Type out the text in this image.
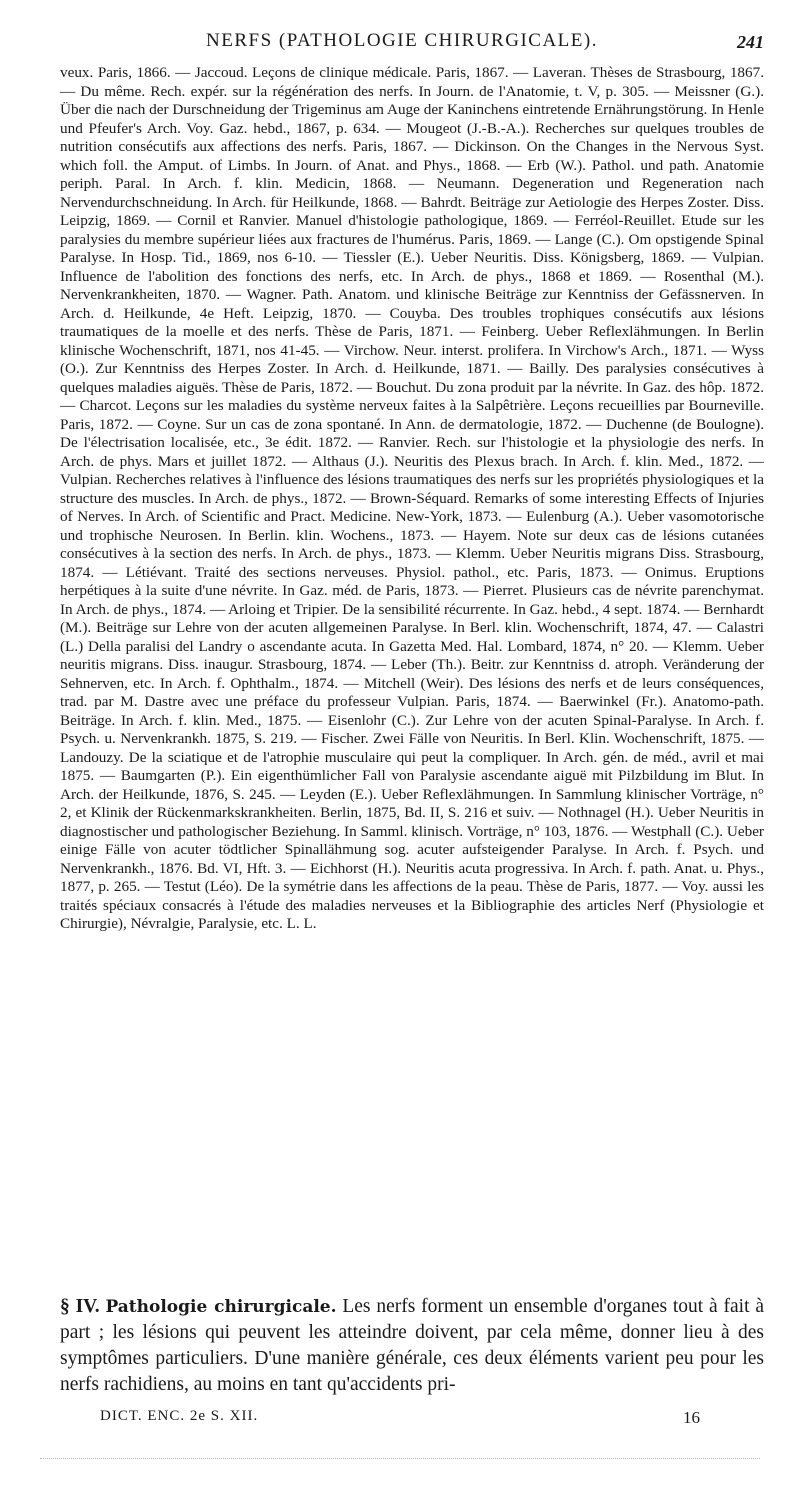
NERFS (PATHOLOGIE CHIRURGICALE).	241

veux. Paris, 1866. — Jaccoud. Leçons de clinique médicale. Paris, 1867. — Laveran. Thèses de Strasbourg, 1867. — Du même. Rech. expér. sur la régénération des nerfs. In Journ. de l'Anatomie, t. V, p. 305. — Meissner (G.). Über die nach der Durschneidung der Trigeminus am Auge der Kaninchens eintretende Ernährungstörung. In Henle und Pfeufer's Arch. Voy. Gaz. hebd., 1867, p. 634. — Mougeot (J.-B.-A.). Recherches sur quelques troubles de nutrition consécutifs aux affections des nerfs. Paris, 1867. — Dickinson. On the Changes in the Nervous Syst. which foll. the Amput. of Limbs. In Journ. of Anat. and Phys., 1868. — Erb (W.). Pathol. und path. Anatomie periph. Paral. In Arch. f. klin. Medicin, 1868. — Neumann. Degeneration und Regeneration nach Nervendurchschneidung. In Arch. für Heilkunde, 1868. — Bahrdt. Beiträge zur Aetiologie des Herpes Zoster. Diss. Leipzig, 1869. — Cornil et Ranvier. Manuel d'histologie pathologique, 1869. — Ferréol-Reuillet. Etude sur les paralysies du membre supérieur liées aux fractures de l'humérus. Paris, 1869. — Lange (C.). Om opstigende Spinal Paralyse. In Hosp. Tid., 1869, nos 6-10. — Tiessler (E.). Ueber Neuritis. Diss. Königsberg, 1869. — Vulpian. Influence de l'abolition des fonctions des nerfs, etc. In Arch. de phys., 1868 et 1869. — Rosenthal (M.). Nervenkrankheiten, 1870. — Wagner. Path. Anatom. und klinische Beiträge zur Kenntniss der Gefässnerven. In Arch. d. Heilkunde, 4e Heft. Leipzig, 1870. — Couyba. Des troubles trophiques consécutifs aux lésions traumatiques de la moelle et des nerfs. Thèse de Paris, 1871. — Feinberg. Ueber Reflexlähmungen. In Berlin klinische Wochenschrift, 1871, nos 41-45. — Virchow. Neur. interst. prolifera. In Virchow's Arch., 1871. — Wyss (O.). Zur Kenntniss des Herpes Zoster. In Arch. d. Heilkunde, 1871. — Bailly. Des paralysies consécutives à quelques maladies aiguës. Thèse de Paris, 1872. — Bouchut. Du zona produit par la névrite. In Gaz. des hôp. 1872. — Charcot. Leçons sur les maladies du système nerveux faites à la Salpêtrière. Leçons recueillies par Bourneville. Paris, 1872. — Coyne. Sur un cas de zona spontané. In Ann. de dermatologie, 1872. — Duchenne (de Boulogne). De l'électrisation localisée, etc., 3e édit. 1872. — Ranvier. Rech. sur l'histologie et la physiologie des nerfs. In Arch. de phys. Mars et juillet 1872. — Althaus (J.). Neuritis des Plexus brach. In Arch. f. klin. Med., 1872. — Vulpian. Recherches relatives à l'influence des lésions traumatiques des nerfs sur les propriétés physiologiques et la structure des muscles. In Arch. de phys., 1872. — Brown-Séquard. Remarks of some interesting Effects of Injuries of Nerves. In Arch. of Scientific and Pract. Medicine. New-York, 1873. — Eulenburg (A.). Ueber vasomotorische und trophische Neurosen. In Berlin. klin. Wochens., 1873. — Hayem. Note sur deux cas de lésions cutanées consécutives à la section des nerfs. In Arch. de phys., 1873. — Klemm. Ueber Neuritis migrans Diss. Strasbourg, 1874. — Létiévant. Traité des sections nerveuses. Physiol. pathol., etc. Paris, 1873. — Onimus. Eruptions herpétiques à la suite d'une névrite. In Gaz. méd. de Paris, 1873. — Pierret. Plusieurs cas de névrite parenchymat. In Arch. de phys., 1874. — Arloing et Tripier. De la sensibilité récurrente. In Gaz. hebd., 4 sept. 1874. — Bernhardt (M.). Beiträge sur Lehre von der acuten allgemeinen Paralyse. In Berl. klin. Wochenschrift, 1874, 47. — Calastri (L.) Della paralisi del Landry o ascendante acuta. In Gazetta Med. Hal. Lombard, 1874, n° 20. — Klemm. Ueber neuritis migrans. Diss. inaugur. Strasbourg, 1874. — Leber (Th.). Beitr. zur Kenntniss d. atroph. Veränderung der Sehnerven, etc. In Arch. f. Ophthalm., 1874. — Mitchell (Weir). Des lésions des nerfs et de leurs conséquences, trad. par M. Dastre avec une préface du professeur Vulpian. Paris, 1874. — Baerwinkel (Fr.). Anatomo-path. Beiträge. In Arch. f. klin. Med., 1875. — Eisenlohr (C.). Zur Lehre von der acuten Spinal-Paralyse. In Arch. f. Psych. u. Nervenkrankh. 1875, S. 219. — Fischer. Zwei Fälle von Neuritis. In Berl. Klin. Wochenschrift, 1875. — Landouzy. De la sciatique et de l'atrophie musculaire qui peut la compliquer. In Arch. gén. de méd., avril et mai 1875. — Baumgarten (P.). Ein eigenthümlicher Fall von Paralysie ascendante aiguë mit Pilzbildung im Blut. In Arch. der Heilkunde, 1876, S. 245. — Leyden (E.). Ueber Reflexlähmungen. In Sammlung klinischer Vorträge, n° 2, et Klinik der Rückenmarkskrankheiten. Berlin, 1875, Bd. II, S. 216 et suiv. — Nothnagel (H.). Ueber Neuritis in diagnostischer und pathologischer Beziehung. In Samml. klinisch. Vorträge, n° 103, 1876. — Westphall (C.). Ueber einige Fälle von acuter tödtlicher Spinallähmung sog. acuter aufsteigender Paralyse. In Arch. f. Psych. und Nervenkrankh., 1876. Bd. VI, Hft. 3. — Eichhorst (H.). Neuritis acuta progressiva. In Arch. f. path. Anat. u. Phys., 1877, p. 265. — Testut (Léo). De la symétrie dans les affections de la peau. Thèse de Paris, 1877. — Voy. aussi les traités spéciaux consacrés à l'étude des maladies nerveuses et la Bibliographie des articles Nerf (Physiologie et Chirurgie), Névralgie, Paralysie, etc. L. L.

§ IV. Pathologie chirurgicale. Les nerfs forment un ensemble d'organes tout à fait à part ; les lésions qui peuvent les atteindre doivent, par cela même, donner lieu à des symptômes particuliers. D'une manière générale, ces deux éléments varient peu pour les nerfs rachidiens, au moins en tant qu'accidents pri-

DICT. ENC. 2e S. XII.	16
